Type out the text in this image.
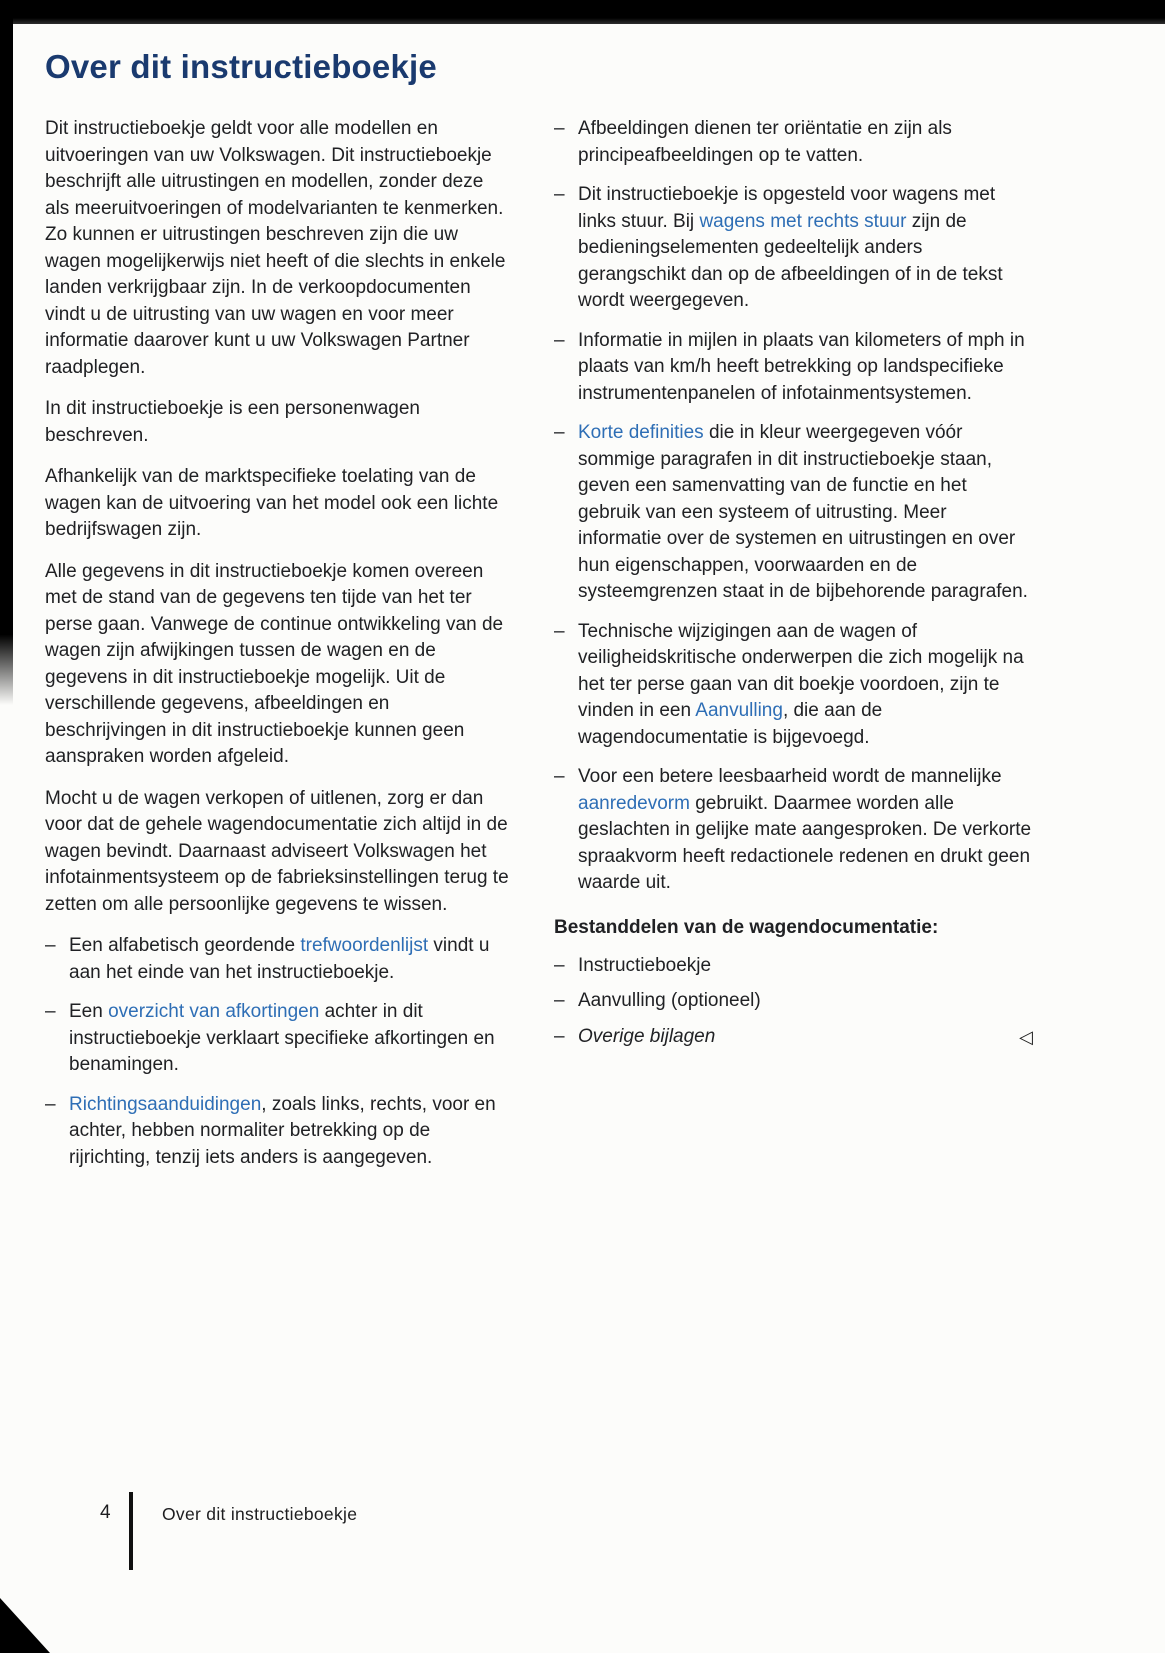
Over dit instructieboekje

Dit instructieboekje geldt voor alle modellen en uitvoeringen van uw Volkswagen. Dit instructieboekje beschrijft alle uitrustingen en modellen, zonder deze als meeruitvoeringen of modelvarianten te kenmerken. Zo kunnen er uitrustingen beschreven zijn die uw wagen mogelijkerwijs niet heeft of die slechts in enkele landen verkrijgbaar zijn. In de verkoopdocumenten vindt u de uitrusting van uw wagen en voor meer informatie daarover kunt u uw Volkswagen Partner raadplegen.

In dit instructieboekje is een personenwagen beschreven.

Afhankelijk van de marktspecifieke toelating van de wagen kan de uitvoering van het model ook een lichte bedrijfswagen zijn.

Alle gegevens in dit instructieboekje komen overeen met de stand van de gegevens ten tijde van het ter perse gaan. Vanwege de continue ontwikkeling van de wagen zijn afwijkingen tussen de wagen en de gegevens in dit instructieboekje mogelijk. Uit de verschillende gegevens, afbeeldingen en beschrijvingen in dit instructieboekje kunnen geen aanspraken worden afgeleid.

Mocht u de wagen verkopen of uitlenen, zorg er dan voor dat de gehele wagendocumentatie zich altijd in de wagen bevindt. Daarnaast adviseert Volkswagen het infotainmentsysteem op de fabrieksinstellingen terug te zetten om alle persoonlijke gegevens te wissen.

– Een alfabetisch geordende trefwoordenlijst vindt u aan het einde van het instructieboekje.
– Een overzicht van afkortingen achter in dit instructieboekje verklaart specifieke afkortingen en benamingen.
– Richtingsaanduidingen, zoals links, rechts, voor en achter, hebben normaliter betrekking op de rijrichting, tenzij iets anders is aangegeven.
– Afbeeldingen dienen ter oriëntatie en zijn als principeafbeeldingen op te vatten.
– Dit instructieboekje is opgesteld voor wagens met links stuur. Bij wagens met rechts stuur zijn de bedieningselementen gedeeltelijk anders gerangschikt dan op de afbeeldingen of in de tekst wordt weergegeven.
– Informatie in mijlen in plaats van kilometers of mph in plaats van km/h heeft betrekking op landspecifieke instrumentenpanelen of infotainmentsystemen.
– Korte definities die in kleur weergegeven vóór sommige paragrafen in dit instructieboekje staan, geven een samenvatting van de functie en het gebruik van een systeem of uitrusting. Meer informatie over de systemen en uitrustingen en over hun eigenschappen, voorwaarden en de systeemgrenzen staat in de bijbehorende paragrafen.
– Technische wijzigingen aan de wagen of veiligheidskritische onderwerpen die zich mogelijk na het ter perse gaan van dit boekje voordoen, zijn te vinden in een Aanvulling, die aan de wagendocumentatie is bijgevoegd.
– Voor een betere leesbaarheid wordt de mannelijke aanredevorm gebruikt. Daarmee worden alle geslachten in gelijke mate aangesproken. De verkorte spraakvorm heeft redactionele redenen en drukt geen waarde uit.
Bestanddelen van de wagendocumentatie:
– Instructieboekje
– Aanvulling (optioneel)
– Overige bijlagen	◁
4	Over dit instructieboekje
